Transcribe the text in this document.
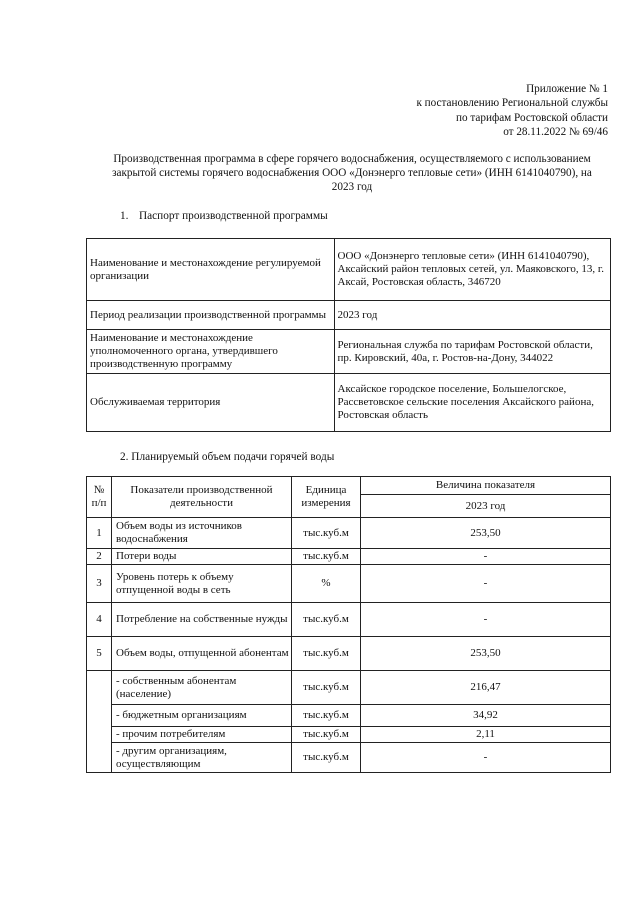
Приложение № 1
к постановлению Региональной службы
по тарифам Ростовской области
от 28.11.2022 № 69/46
Производственная программа в сфере горячего водоснабжения, осуществляемого с использованием закрытой системы горячего водоснабжения ООО «Донэнерго тепловые сети» (ИНН 6141040790), на 2023 год
1. Паспорт производственной программы
Наименование и местонахождение регулируемой организации	ООО «Донэнерго тепловые сети» (ИНН 6141040790), Аксайский район тепловых сетей, ул. Маяковского, 13, г. Аксай, Ростовская область, 346720
Период реализации производственной программы	2023 год
Наименование и местонахождение уполномоченного органа, утвердившего производственную программу	Региональная служба по тарифам Ростовской области, пр. Кировский, 40а, г. Ростов-на-Дону, 344022
Обслуживаемая территория	Аксайское городское поселение, Большелогское, Рассветовское сельские поселения Аксайского района, Ростовская область
2. Планируемый объем подачи горячей воды
№ п/п	Показатели производственной деятельности	Единица измерения	Величина показателя
			2023 год
1	Объем воды из источников водоснабжения	тыс.куб.м	253,50
2	Потери воды	тыс.куб.м	-
3	Уровень потерь к объему отпущенной воды в сеть	%	-
4	Потребление на собственные нужды	тыс.куб.м	-
5	Объем воды, отпущенной абонентам	тыс.куб.м	253,50
	- собственным абонентам (население)	тыс.куб.м	216,47
	- бюджетным организациям	тыс.куб.м	34,92
	- прочим потребителям	тыс.куб.м	2,11
	- другим организациям, осуществляющим	тыс.куб.м	-
